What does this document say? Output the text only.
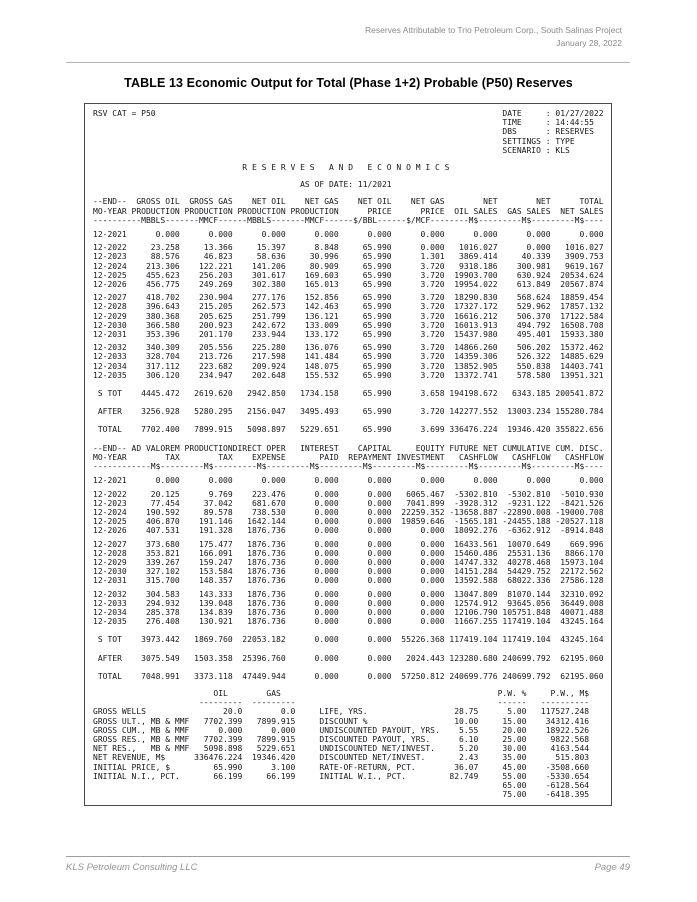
Reserves Attributable to Trio Petroleum Corp., South Salinas Project
January 28, 2022
TABLE 13 Economic Output for Total (Phase 1+2) Probable (P50) Reserves
RSV CAT = P50                                                                        DATE     : 01/27/2022
TIME     : 14:44:55
DBS      : RESERVES
SETTINGS : TYPE
SCENARIO : KLS
R E S E R V E S   A N D   E C O N O M I C S
AS OF DATE: 11/2021
--END--  GROSS OIL  GROSS GAS    NET OIL    NET GAS    NET OIL    NET GAS        NET        NET      TOTAL
MO-YEAR PRODUCTION PRODUCTION PRODUCTION PRODUCTION      PRICE      PRICE  OIL SALES  GAS SALES  NET SALES
----------MBBLS-------MMCF------MBBLS-------MMCF------$/BBL------$/MCF--------M$---------M$---------M$----
12-2021      0.000      0.000      0.000      0.000      0.000      0.000      0.000      0.000      0.000
12-2022     23.258     13.366     15.397      8.848     65.990      0.000   1016.027      0.000   1016.027
12-2023     88.576     46.823     58.636     30.996     65.990      1.301   3869.414     40.339   3909.753
12-2024    213.306    122.221    141.206     80.909     65.990      3.720   9318.186    300.981   9619.167
12-2025    455.623    256.203    301.617    169.603     65.990      3.720  19903.700    630.924  20534.624
12-2026    456.775    249.269    302.380    165.013     65.990      3.720  19954.022    613.849  20567.874
12-2027    418.702    230.904    277.176    152.856     65.990      3.720  18290.830    568.624  18859.454
12-2028    396.643    215.205    262.573    142.463     65.990      3.720  17327.172    529.962  17857.132
12-2029    380.368    205.625    251.799    136.121     65.990      3.720  16616.212    506.370  17122.584
12-2030    366.580    200.923    242.672    133.009     65.990      3.720  16013.913    494.792  16508.708
12-2031    353.396    201.170    233.944    133.172     65.990      3.720  15437.980    495.401  15933.380
12-2032    340.309    205.556    225.280    136.076     65.990      3.720  14866.260    506.202  15372.462
12-2033    328.704    213.726    217.598    141.484     65.990      3.720  14359.306    526.322  14885.629
12-2034    317.112    223.682    209.924    148.075     65.990      3.720  13852.905    550.838  14403.741
12-2035    306.120    234.947    202.648    155.532     65.990      3.720  13372.741    578.580  13951.321
S TOT    4445.472   2619.620   2942.850   1734.158     65.990      3.658 194198.672   6343.185 200541.872
AFTER    3256.928   5280.295   2156.047   3495.493     65.990      3.720 142277.552  13003.234 155280.784
TOTAL    7702.400   7899.915   5098.897   5229.651     65.990      3.699 336476.224  19346.420 355822.656
--END-- AD VALOREM PRODUCTIONDIRECT OPER   INTEREST    CAPITAL     EQUITY FUTURE NET CUMULATIVE CUM. DISC.
MO-YEAR        TAX        TAX    EXPENSE       PAID  REPAYMENT INVESTMENT   CASHFLOW   CASHFLOW   CASHFLOW
------------M$---------M$---------M$---------M$---------M$---------M$---------M$---------M$---------M$----
12-2021      0.000      0.000      0.000      0.000      0.000      0.000      0.000      0.000      0.000
12-2022     20.125      9.769    223.476      0.000      0.000   6065.467  -5302.810  -5302.810  -5010.930
12-2023     77.454     37.042    681.670      0.000      0.000   7041.899  -3928.312  -9231.122  -8421.526
12-2024    190.592     89.578    738.530      0.000      0.000  22259.352 -13658.887 -22890.008 -19000.708
12-2025    406.870    191.146   1642.144      0.000      0.000  19859.646  -1565.181 -24455.188 -20527.118
12-2026    407.531    191.328   1876.736      0.000      0.000      0.000  18092.276  -6362.912  -8914.848
12-2027    373.680    175.477   1876.736      0.000      0.000      0.000  16433.561  10070.649    669.996
12-2028    353.821    166.091   1876.736      0.000      0.000      0.000  15460.486  25531.136   8866.170
12-2029    339.267    159.247   1876.736      0.000      0.000      0.000  14747.332  40278.468  15973.104
12-2030    327.102    153.584   1876.736      0.000      0.000      0.000  14151.284  54429.752  22172.562
12-2031    315.700    148.357   1876.736      0.000      0.000      0.000  13592.588  68022.336  27586.128
12-2032    304.583    143.333   1876.736      0.000      0.000      0.000  13047.809  81070.144  32310.092
12-2033    294.932    139.048   1876.736      0.000      0.000      0.000  12574.912  93645.056  36449.008
12-2034    285.378    134.839   1876.736      0.000      0.000      0.000  12106.790 105751.848  40071.488
12-2035    276.408    130.921   1876.736      0.000      0.000      0.000  11667.255 117419.104  43245.164
S TOT    3973.442   1869.760  22053.182      0.000      0.000  55226.368 117419.104 117419.104  43245.164
AFTER    3075.549   1503.358  25396.760      0.000      0.000   2024.443 123280.680 240699.792  62195.060
TOTAL    7048.991   3373.118  47449.944      0.000      0.000  57250.812 240699.776 240699.792  62195.060
OIL        GAS                                             P.W. %     P.W., M$
---------  ---------                                          ------   ----------
GROSS WELLS                20.0        0.0     LIFE, YRS.                  28.75      5.00   117527.248
GROSS ULT., MB & MMF   7702.399   7899.915     DISCOUNT %                  10.00     15.00    34312.416
GROSS CUM., MB & MMF      0.000      0.000     UNDISCOUNTED PAYOUT, YRS.    5.55     20.00    18922.526
GROSS RES., MB & MMF   7702.399   7899.915     DISCOUNTED PAYOUT, YRS.      6.10     25.00     9822.568
NET RES.,   MB & MMF   5098.898   5229.651     UNDISCOUNTED NET/INVEST.     5.20     30.00     4163.544
NET REVENUE, M$      336476.224  19346.420     DISCOUNTED NET/INVEST.       2.43     35.00      515.803
INITIAL PRICE, $         65.990      3.100     RATE-OF-RETURN, PCT.        36.07     45.00    -3508.660
INITIAL N.I., PCT.       66.199     66.199     INITIAL W.I., PCT.         82.749     55.00    -5330.654
65.00    -6128.564
75.00    -6418.395
KLS Petroleum Consulting LLC	Page 49
